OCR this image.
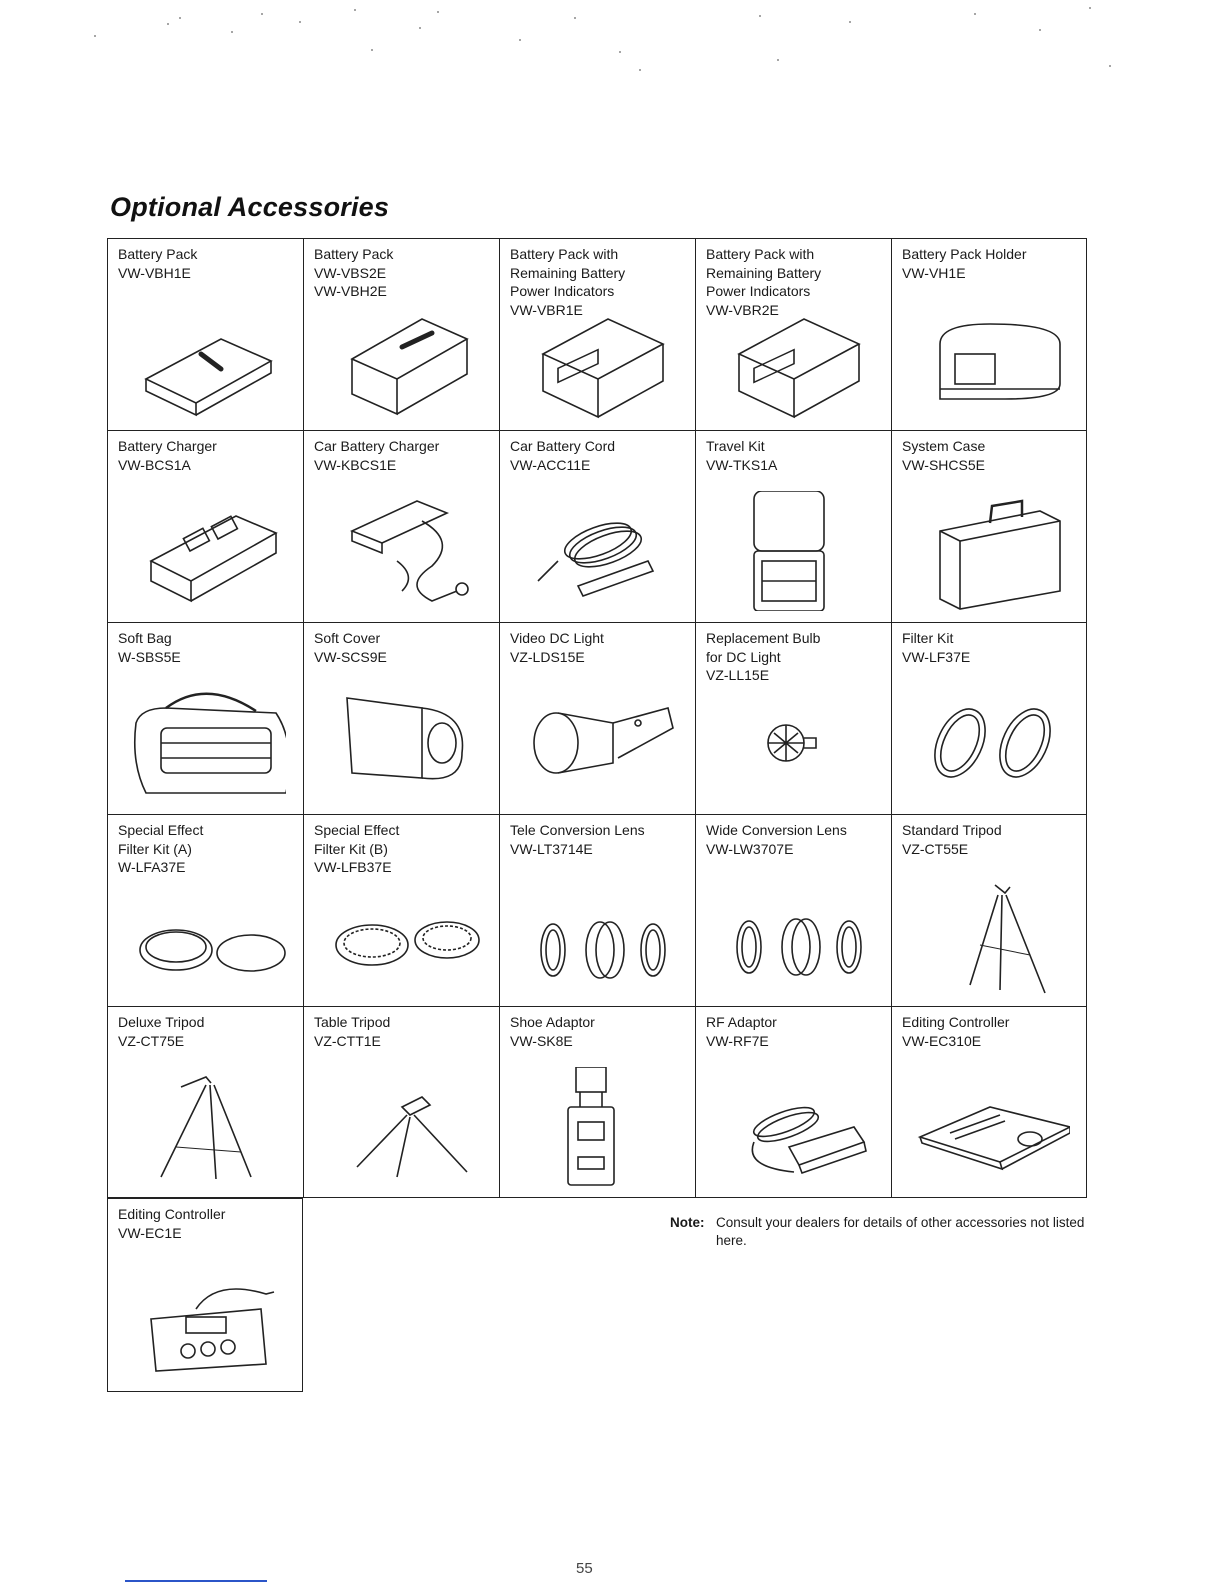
Optional Accessories
Battery Pack
VW-VBH1E
Battery Pack
VW-VBS2E
VW-VBH2E
Battery Pack with
Remaining Battery
Power Indicators
VW-VBR1E
Battery Pack with
Remaining Battery
Power Indicators
VW-VBR2E
Battery Pack Holder
VW-VH1E
Battery Charger
VW-BCS1A
Car Battery Charger
VW-KBCS1E
Car Battery Cord
VW-ACC11E
Travel Kit
VW-TKS1A
System Case
VW-SHCS5E
Soft Bag
W-SBS5E
Soft Cover
VW-SCS9E
Video DC Light
VZ-LDS15E
Replacement Bulb
for DC Light
VZ-LL15E
Filter Kit
VW-LF37E
Special Effect
Filter Kit (A)
W-LFA37E
Special Effect
Filter Kit (B)
VW-LFB37E
Tele Conversion Lens
VW-LT3714E
Wide Conversion Lens
VW-LW3707E
Standard Tripod
VZ-CT55E
Deluxe Tripod
VZ-CT75E
Table Tripod
VZ-CTT1E
Shoe Adaptor
VW-SK8E
RF Adaptor
VW-RF7E
Editing Controller
VW-EC310E
Editing Controller
VW-EC1E
Note: Consult your dealers for details of other accessories not listed here.
55
